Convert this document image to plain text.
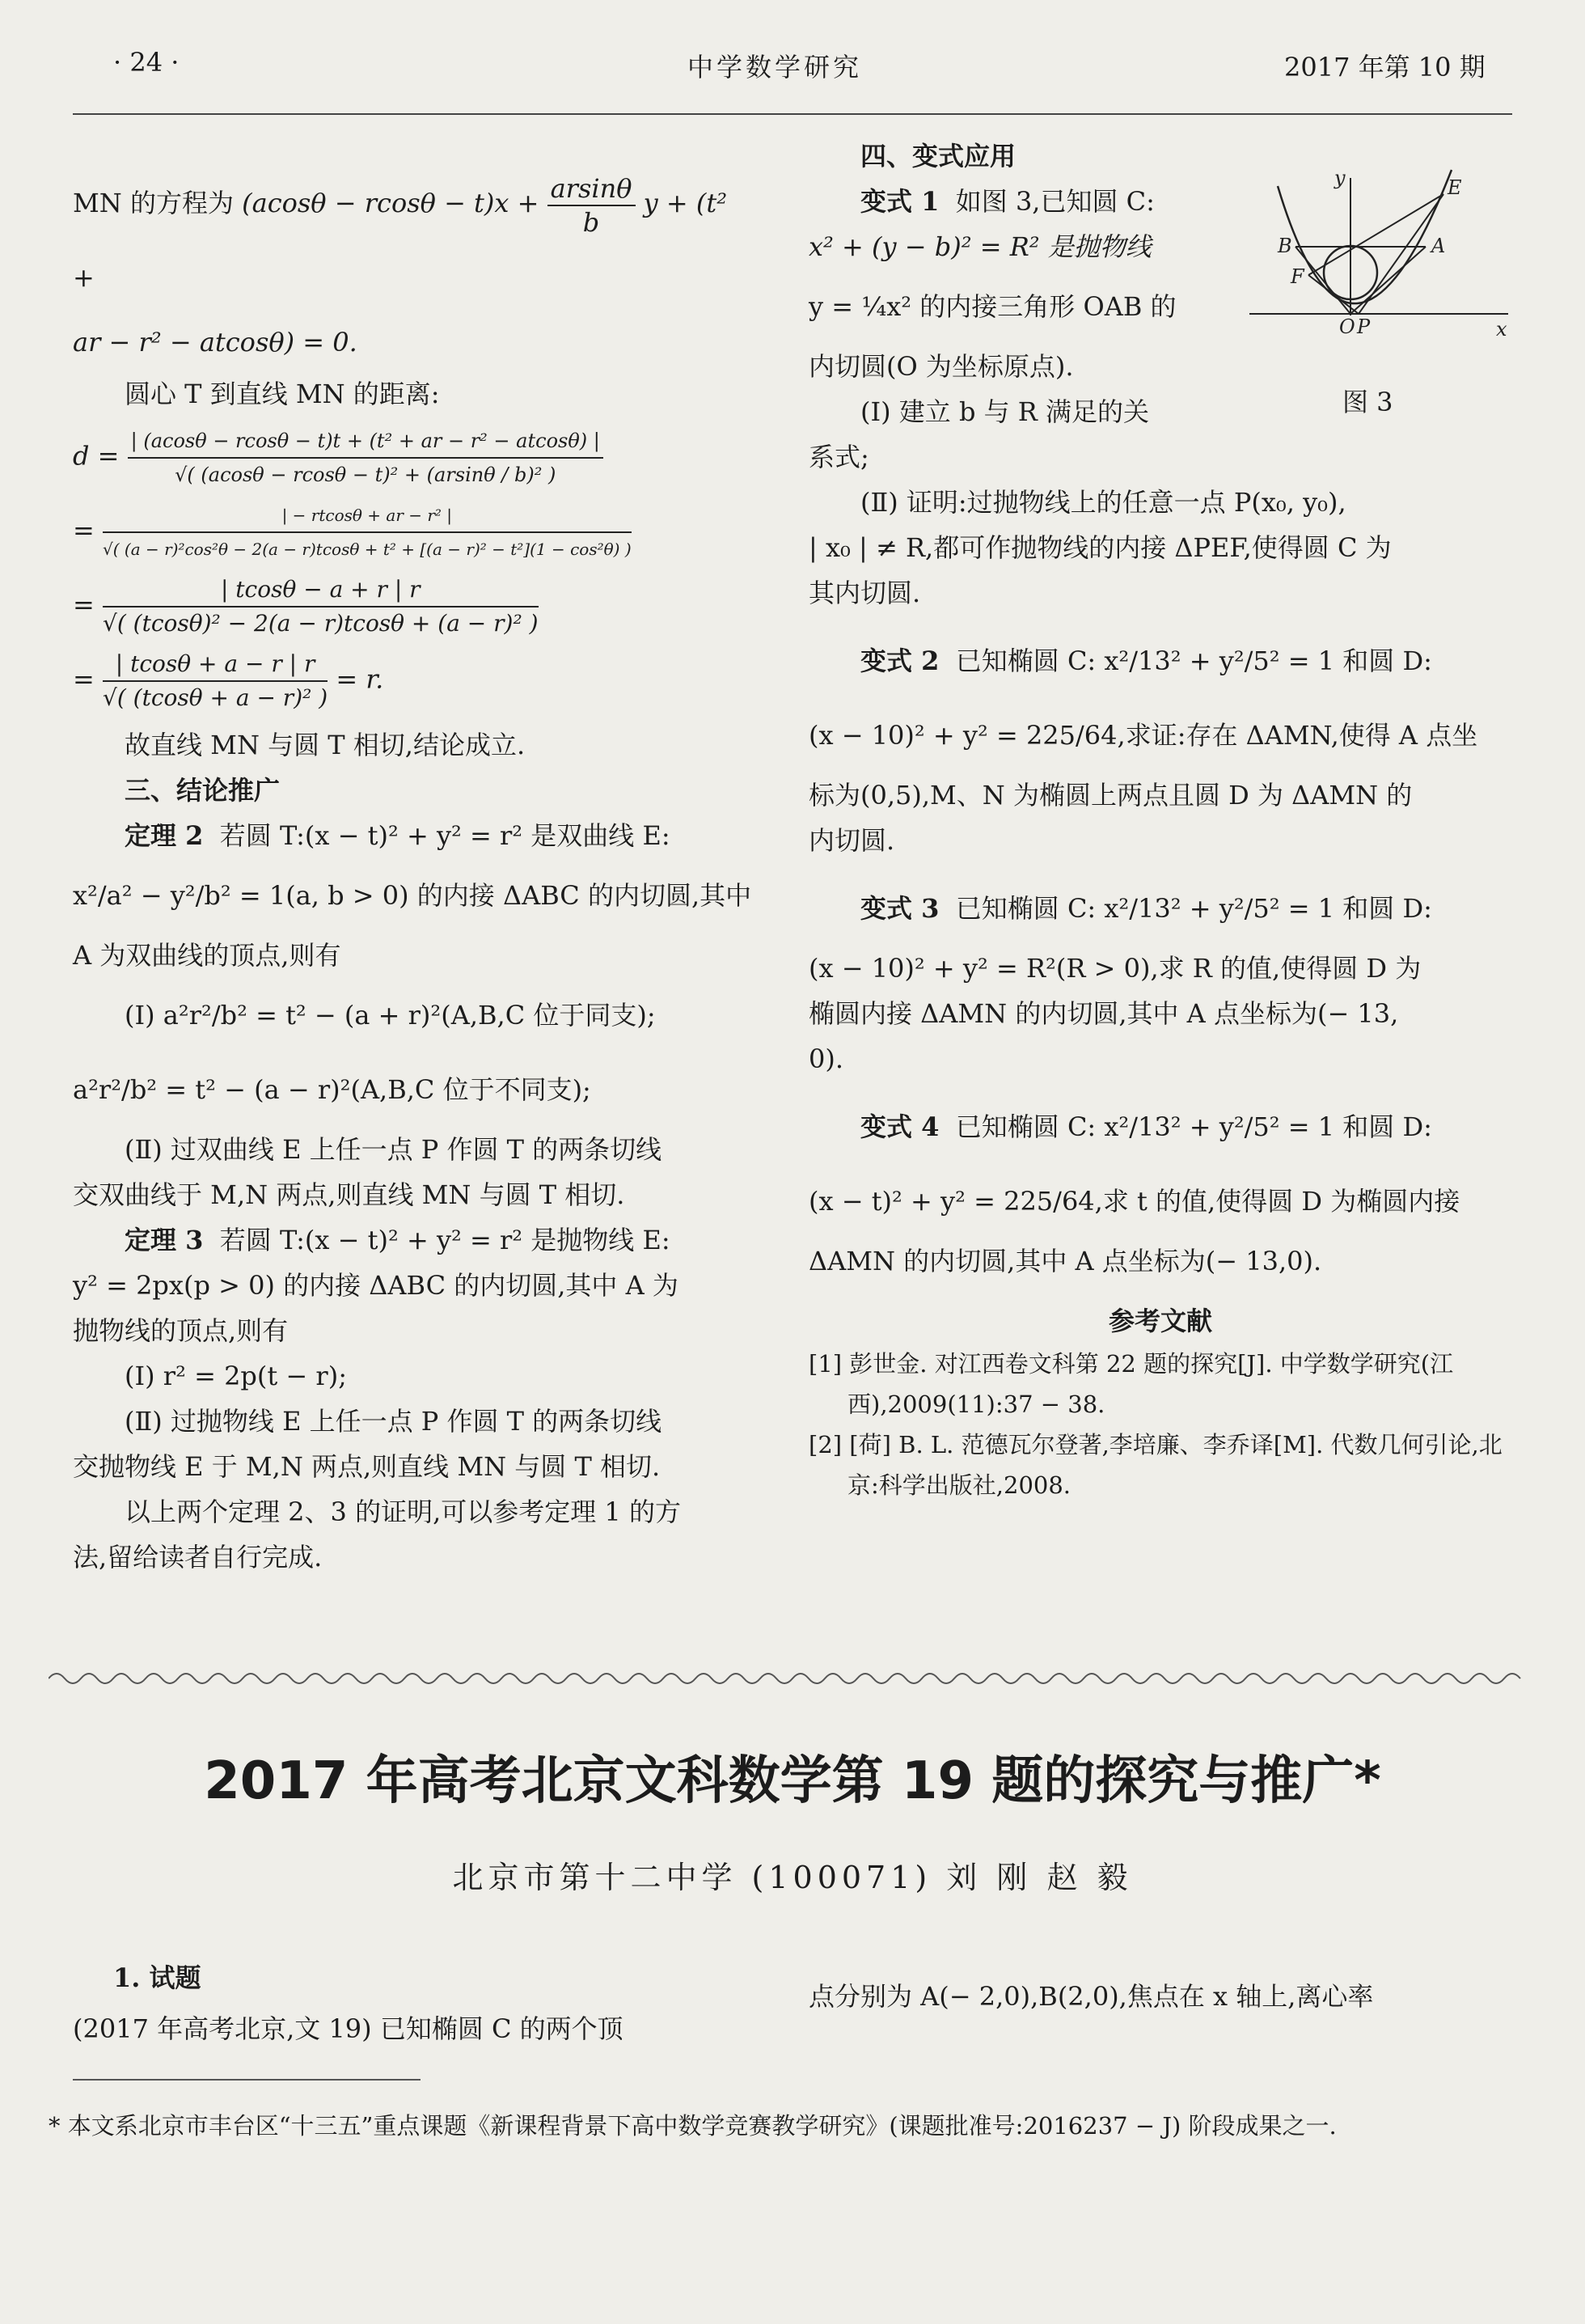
· 24 ·	中学数学研究	2017 年第 10 期

MN 的方程为 $(acos\theta - rcos\theta - t)x + \frac{arsin\theta}{b}$ y + (t² +

ar − r² − atcosθ) = 0.

圆心 T 到直线 MN 的距离:

$d = \frac{\text{| (acosθ − rcosθ − t)t + (t² + ar − r² − atcosθ) |}}{\text{√( (acosθ − rcosθ − t)² + (arsinθ / b)² )}}$
=	| − rtcosθ + ar − r² |
√( (a − r)²cos²θ − 2(a − r)tcosθ + t² + [(a − r)² − t²](1 − cos²θ) )
= $\frac{| tcos\theta - a + r | r}{\text{√( (tcosθ)² − 2(a − r)tcosθ + (a − r)² )}}$
= $\frac{| tcos\theta + a - r | r}{\text{√( (tcosθ + a − r)² )}} = r$.

故直线 MN 与圆 T 相切,结论成立.

三、结论推广

定理 2 若圆 T:(x − t)² + y² = r² 是双曲线 E:

x²/a² − y²/b² = 1(a, b > 0) 的内接 ΔABC 的内切圆,其中

A 为双曲线的顶点,则有

(Ⅰ) a²r²/b² = t² − (a + r)²(A,B,C 位于同支);

a²r²/b² = t² − (a − r)²(A,B,C 位于不同支);

(Ⅱ) 过双曲线 E 上任一点 P 作圆 T 的两条切线

交双曲线于 M,N 两点,则直线 MN 与圆 T 相切.

定理 3 若圆 T:(x − t)² + y² = r² 是抛物线 E:

y² = 2px(p > 0) 的内接 ΔABC 的内切圆,其中 A 为

抛物线的顶点,则有

(Ⅰ) r² = 2p(t − r);

(Ⅱ) 过抛物线 E 上任一点 P 作圆 T 的两条切线

交抛物线 E 于 M,N 两点,则直线 MN 与圆 T 相切.

以上两个定理 2、3 的证明,可以参考定理 1 的方

法,留给读者自行完成.

四、变式应用

变式 1 如图 3,已知圆 C:

x² + (y − b)² = R² 是抛物线

y = ¼x² 的内接三角形 OAB 的

内切圆(O 为坐标原点).

(Ⅰ) 建立 b 与 R 满足的关

系式;

(Ⅱ) 证明:过抛物线上的任意一点 P(x₀, y₀),

| x₀ | ≠ R,都可作抛物线的内接 ΔPEF,使得圆 C 为

其内切圆.

变式 2 已知椭圆 C: x²/13² + y²/5² = 1 和圆 D:

(x − 10)² + y² = 225/64,求证:存在 ΔAMN,使得 A 点坐

标为(0,5),M、N 为椭圆上两点且圆 D 为 ΔAMN 的

内切圆.

变式 3 已知椭圆 C: x²/13² + y²/5² = 1 和圆 D:

(x − 10)² + y² = R²(R > 0),求 R 的值,使得圆 D 为

椭圆内接 ΔAMN 的内切圆,其中 A 点坐标为(− 13,

0).

变式 4 已知椭圆 C: x²/13² + y²/5² = 1 和圆 D:

(x − t)² + y² = 225/64,求 t 的值,使得圆 D 为椭圆内接

ΔAMN 的内切圆,其中 A 点坐标为(− 13,0).

参考文献

[1] 彭世金. 对江西卷文科第 22 题的探究[J]. 中学数学研究(江西),2009(11):37 − 38.

[2] [荷] B. L. 范德瓦尔登著,李培廉、李乔译[M]. 代数几何引论,北京:科学出版社,2008.

y	E
B	A
F
O P	x
图 3
2017 年高考北京文科数学第 19 题的探究与推广*
北京市第十二中学 (100071) 刘 刚 赵 毅
1. 试题
(2017 年高考北京,文 19) 已知椭圆 C 的两个顶
点分别为 A(− 2,0),B(2,0),焦点在 x 轴上,离心率
* 本文系北京市丰台区“十三五”重点课题《新课程背景下高中数学竞赛教学研究》(课题批准号:2016237 − J) 阶段成果之一.
